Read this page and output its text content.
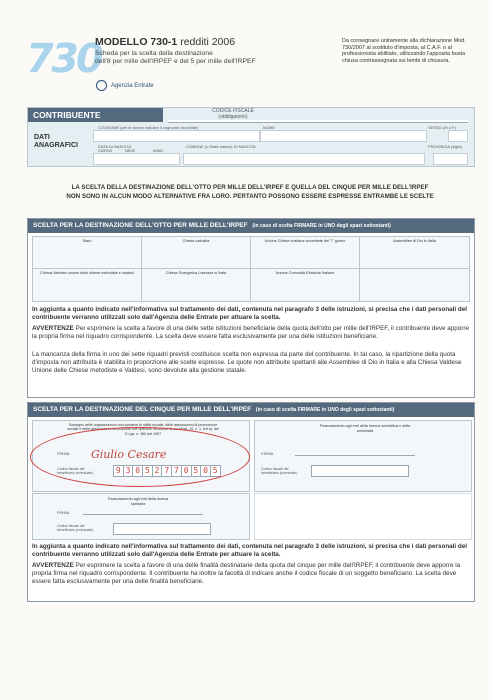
730
MODELLO 730-1 redditi 2006
Scheda per la scelta della destinazione
dell'8 per mille dell'IRPEF e del 5 per mille dell'IRPEF
Agenzia Entrate
Da consegnare unitamente alla dichiarazione Mod. 730/2007 al sostituto d'imposta, al C.A.F. o al professionista abilitato, utilizzando l'apposita busta chiusa contrassegnata sui lembi di chiusura.
CONTRIBUENTE	CODICE FISCALE
(obbligatorio)
DATI
ANAGRAFICI
COGNOME (per le donne indicare il cognome da nubile)	NOME	SESSO (M o F)
DATA DI NASCITA
GIORNO	MESE	ANNO
COMUNE (o Stato estero) DI NASCITA	PROVINCIA (sigla)
LA SCELTA DELLA DESTINAZIONE DELL'OTTO PER MILLE DELL'IRPEF E QUELLA DEL CINQUE PER MILLE DELL'IRPEF
NON SONO IN ALCUN MODO ALTERNATIVE FRA LORO. PERTANTO POSSONO ESSERE ESPRESSE ENTRAMBE LE SCELTE
SCELTA PER LA DESTINAZIONE DELL'OTTO PER MILLE DELL'IRPEF (in caso di scelta FIRMARE in UNO degli spazi sottostanti)
Stato	Chiesa cattolica	Unione Chiese cristiane avventiste del 7° giorno	Assemblee di Dio in Italia
Chiesa Valdese unione delle chiese metodiste e valdesi	Chiesa Evangelica Luterana in Italia	Unione Comunità Ebraiche Italiane
In aggiunta a quanto indicato nell'informativa sul trattamento dei dati, contenuta nel paragrafo 3 delle istruzioni, si precisa che i dati personali del contribuente verranno utilizzati solo dall'Agenzia delle Entrate per attuare la scelta.
AVVERTENZE Per esprimere la scelta a favore di una delle sette istituzioni beneficiarie della quota dell'otto per mille dell'IRPEF, il contribuente deve apporre la propria firma nel riquadro corrispondente. La scelta deve essere fatta esclusivamente per una delle istituzioni beneficiarie.
La mancanza della firma in uno dei sette riquadri previsti costituisce scelta non espressa da parte del contribuente. In tal caso, la ripartizione della quota d'imposta non attribuita è stabilita in proporzione alle scelte espresse. Le quote non attribuite spettanti alle Assemblee di Dio in Italia e alla Chiesa Valdese Unione delle Chiese metodiste e Valdesi, sono devolute alla gestione statale.
SCELTA PER LA DESTINAZIONE DEL CINQUE PER MILLE DELL'IRPEF (in caso di scelta FIRMARE in UNO degli spazi sottostanti)
Sostegno delle organizzazioni non lucrative di utilità sociale, delle associazioni di promozione sociale e delle associazioni riconosciute che operano nei settori di cui all'art. 10, c. 1, lett a), del D.Lgs. n. 460 del 1997
FIRMA Giulio Cesare
Codice fiscale del beneficiario (eventuale)	9 3 0 5 2 7 7 0 5 0 5
Finanziamento agli enti della ricerca scientifica e della università
FIRMA
Codice fiscale del beneficiario (eventuale)
Finanziamento agli enti della ricerca sanitaria
FIRMA
Codice fiscale del beneficiario (eventuale)
In aggiunta a quanto indicato nell'informativa sul trattamento dei dati, contenuta nel paragrafo 3 delle istruzioni, si precisa che i dati personali del contribuente verranno utilizzati solo dall'Agenzia delle Entrate per attuare la scelta.
AVVERTENZE Per esprimere la scelta a favore di una delle finalità destinatarie della quota del cinque per mille dell'IRPEF, il contribuente deve apporre la propria firma nel riquadro corrispondente. Il contribuente ha inoltre la facoltà di indicare anche il codice fiscale di un soggetto beneficiario. La scelta deve essere fatta esclusivamente per una delle finalità beneficiarie.
